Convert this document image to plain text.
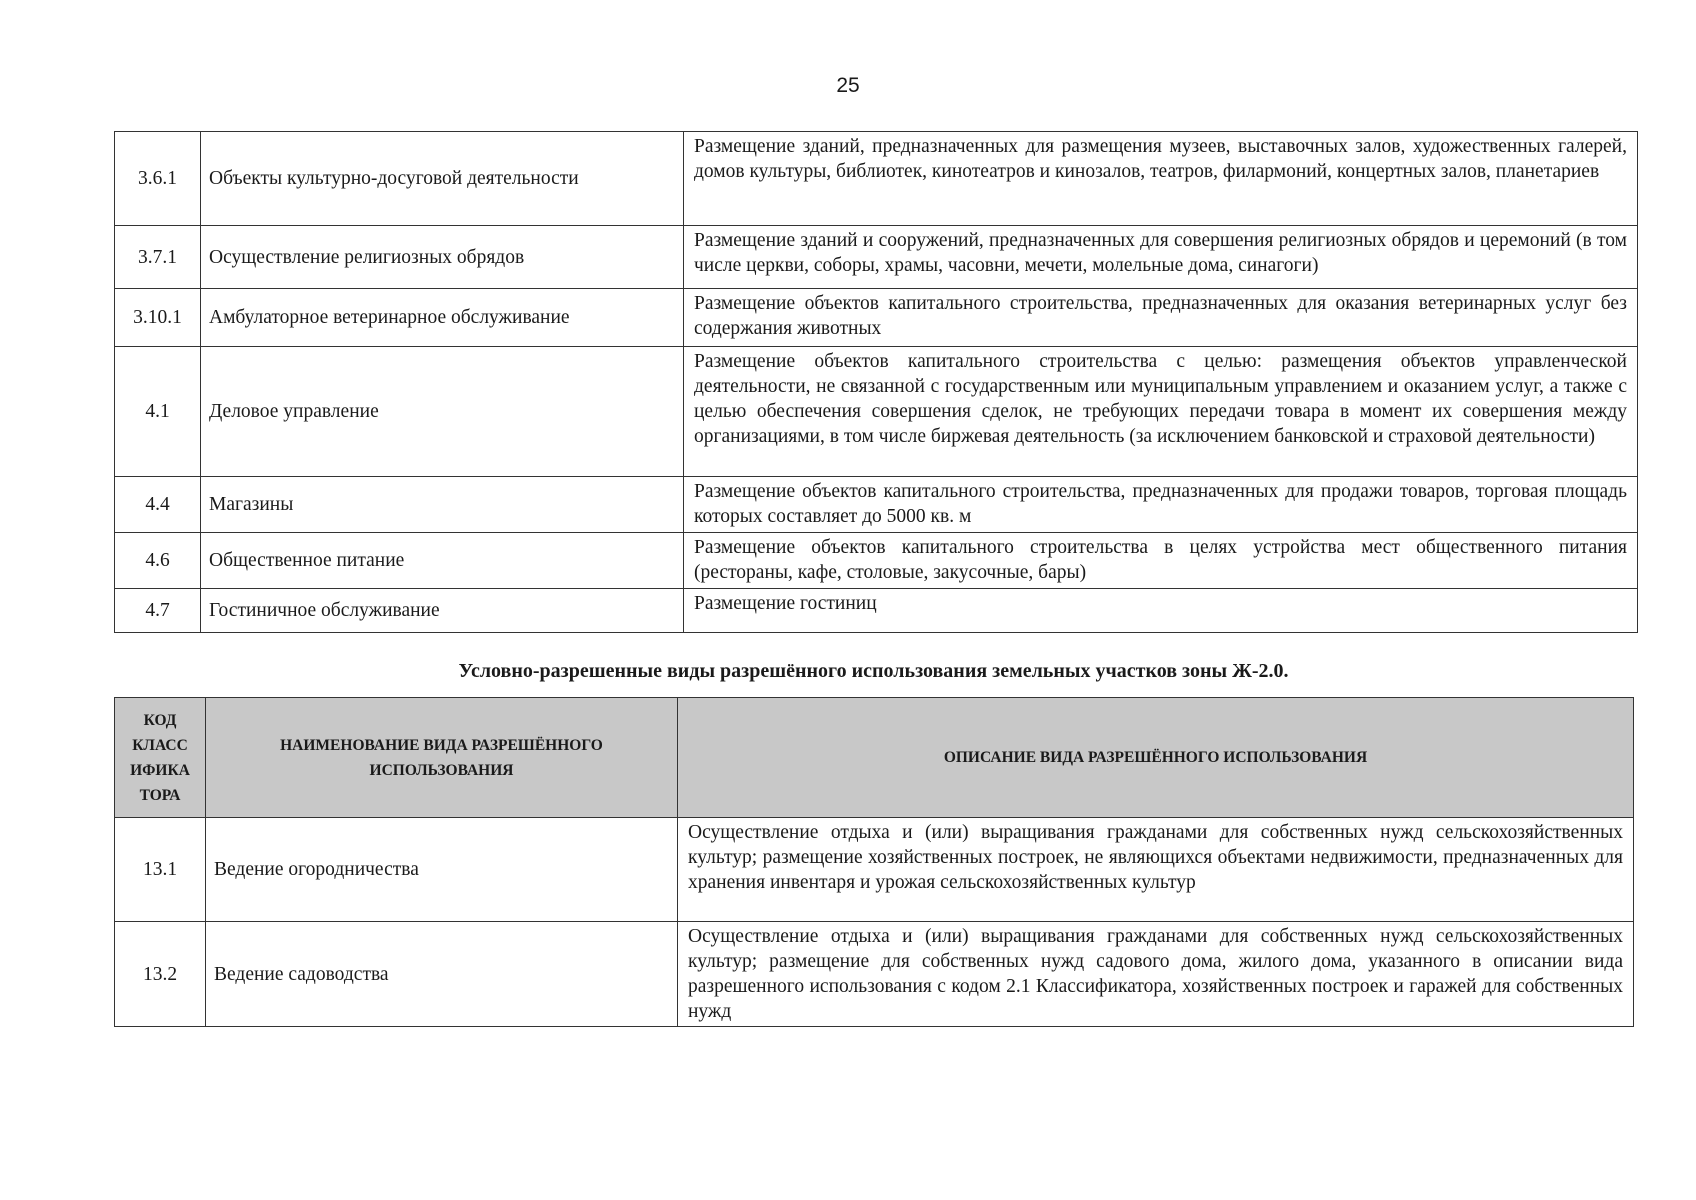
25
3.6.1	Объекты культурно-досуговой деятельности	Размещение зданий, предназначенных для размещения музеев, выставочных залов, художественных галерей, домов культуры, библиотек, кинотеатров и кинозалов, театров, филармоний, концертных залов, планетариев
3.7.1	Осуществление религиозных обрядов	Размещение зданий и сооружений, предназначенных для совершения религиозных обрядов и церемоний (в том числе церкви, соборы, храмы, часовни, мечети, молельные дома, синагоги)
3.10.1	Амбулаторное ветеринарное обслуживание	Размещение объектов капитального строительства, предназначенных для оказания ветеринарных услуг без содержания животных
4.1	Деловое управление	Размещение объектов капитального строительства с целью: размещения объектов управленческой деятельности, не связанной с государственным или муниципальным управлением и оказанием услуг, а также с целью обеспечения совершения сделок, не требующих передачи товара в момент их совершения между организациями, в том числе биржевая деятельность (за исключением банковской и страховой деятельности)
4.4	Магазины	Размещение объектов капитального строительства, предназначенных для продажи товаров, торговая площадь которых составляет до 5000 кв. м
4.6	Общественное питание	Размещение объектов капитального строительства в целях устройства мест общественного питания (рестораны, кафе, столовые, закусочные, бары)
4.7	Гостиничное обслуживание	Размещение гостиниц
Условно-разрешенные виды разрешённого использования земельных участков зоны Ж-2.0.
КОД КЛАСС ИФИКА ТОРА	НАИМЕНОВАНИЕ ВИДА РАЗРЕШЁННОГО ИСПОЛЬЗОВАНИЯ	ОПИСАНИЕ ВИДА РАЗРЕШЁННОГО ИСПОЛЬЗОВАНИЯ
13.1	Ведение огородничества	Осуществление отдыха и (или) выращивания гражданами для собственных нужд сельскохозяйственных культур; размещение хозяйственных построек, не являющихся объектами недвижимости, предназначенных для хранения инвентаря и урожая сельскохозяйственных культур
13.2	Ведение садоводства	Осуществление отдыха и (или) выращивания гражданами для собственных нужд сельскохозяйственных культур; размещение для собственных нужд садового дома, жилого дома, указанного в описании вида разрешенного использования с кодом 2.1 Классификатора, хозяйственных построек и гаражей для собственных нужд
